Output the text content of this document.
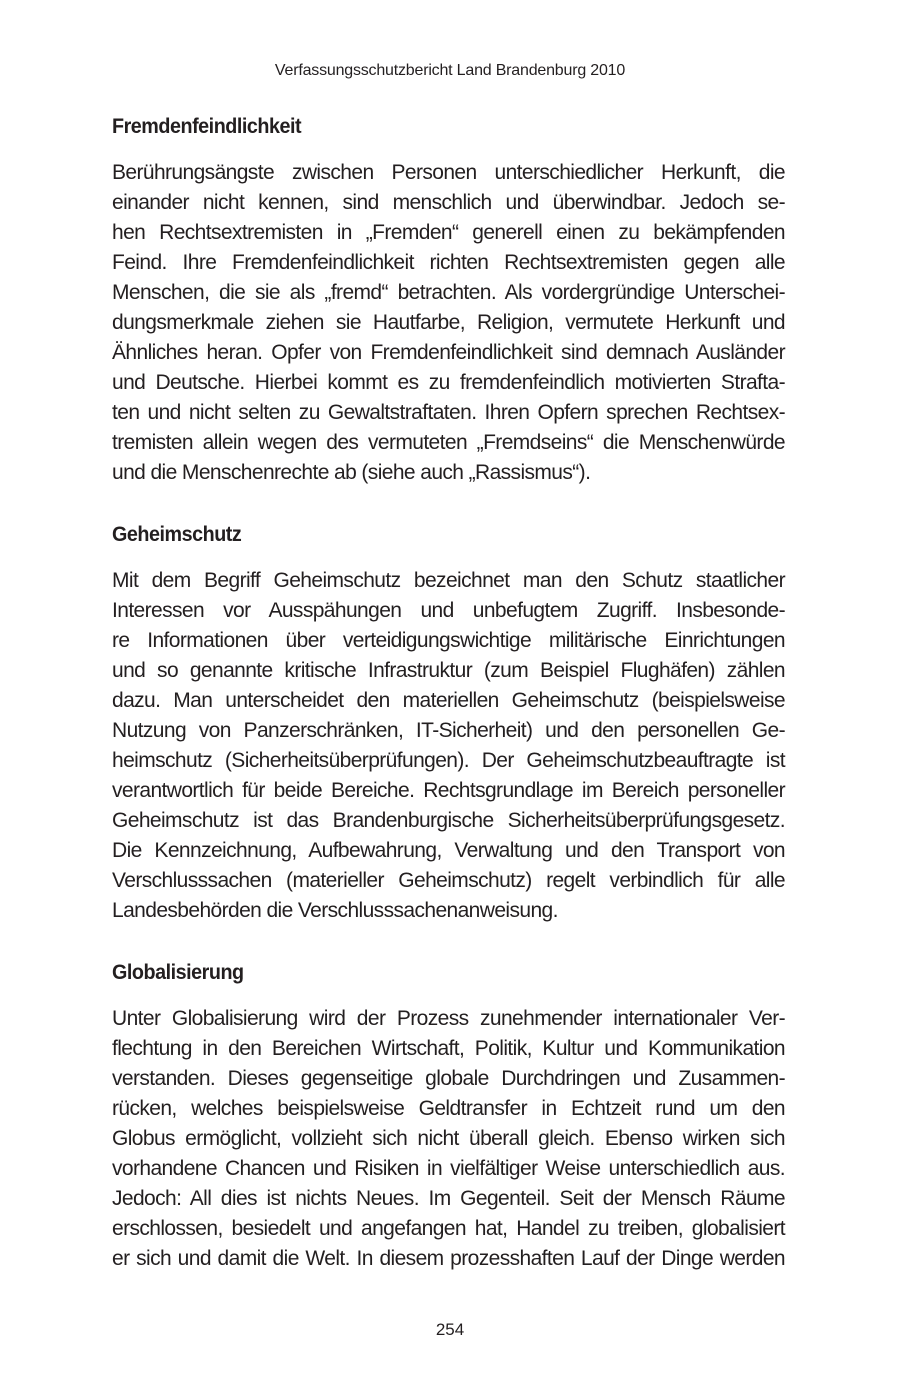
Verfassungsschutzbericht Land Brandenburg 2010
Fremdenfeindlichkeit
Berührungsängste zwischen Personen unterschiedlicher Herkunft, die
einander nicht kennen, sind menschlich und überwindbar. Jedoch se-
hen Rechtsextremisten in „Fremden“ generell einen zu bekämpfenden
Feind. Ihre Fremdenfeindlichkeit richten Rechtsextremisten gegen alle
Menschen, die sie als „fremd“ betrachten. Als vordergründige Unterschei-
dungsmerkmale ziehen sie Hautfarbe, Religion, vermutete Herkunft und
Ähnliches heran. Opfer von Fremdenfeindlichkeit sind demnach Ausländer
und Deutsche. Hierbei kommt es zu fremdenfeindlich motivierten Strafta-
ten und nicht selten zu Gewaltstraftaten. Ihren Opfern sprechen Rechtsex-
tremisten allein wegen des vermuteten „Fremdseins“ die Menschenwürde
und die Menschenrechte ab (siehe auch „Rassismus“).
Geheimschutz
Mit dem Begriff Geheimschutz bezeichnet man den Schutz staatlicher
Interessen vor Ausspähungen und unbefugtem Zugriff. Insbesonde-
re Informationen über verteidigungswichtige militärische Einrichtungen
und so genannte kritische Infrastruktur (zum Beispiel Flughäfen) zählen
dazu. Man unterscheidet den materiellen Geheimschutz (beispielsweise
Nutzung von Panzerschränken, IT-Sicherheit) und den personellen Ge-
heimschutz (Sicherheitsüberprüfungen). Der Geheimschutzbeauftragte ist
verantwortlich für beide Bereiche. Rechtsgrundlage im Bereich personeller
Geheimschutz ist das Brandenburgische Sicherheitsüberprüfungsgesetz.
Die Kennzeichnung, Aufbewahrung, Verwaltung und den Transport von
Verschlusssachen (materieller Geheimschutz) regelt verbindlich für alle
Landesbehörden die Verschlusssachenanweisung.
Globalisierung
Unter Globalisierung wird der Prozess zunehmender internationaler Ver-
flechtung in den Bereichen Wirtschaft, Politik, Kultur und Kommunikation
verstanden. Dieses gegenseitige globale Durchdringen und Zusammen-
rücken, welches beispielsweise Geldtransfer in Echtzeit rund um den
Globus ermöglicht, vollzieht sich nicht überall gleich. Ebenso wirken sich
vorhandene Chancen und Risiken in vielfältiger Weise unterschiedlich aus.
Jedoch: All dies ist nichts Neues. Im Gegenteil. Seit der Mensch Räume
erschlossen, besiedelt und angefangen hat, Handel zu treiben, globalisiert
er sich und damit die Welt. In diesem prozesshaften Lauf der Dinge werden
254
